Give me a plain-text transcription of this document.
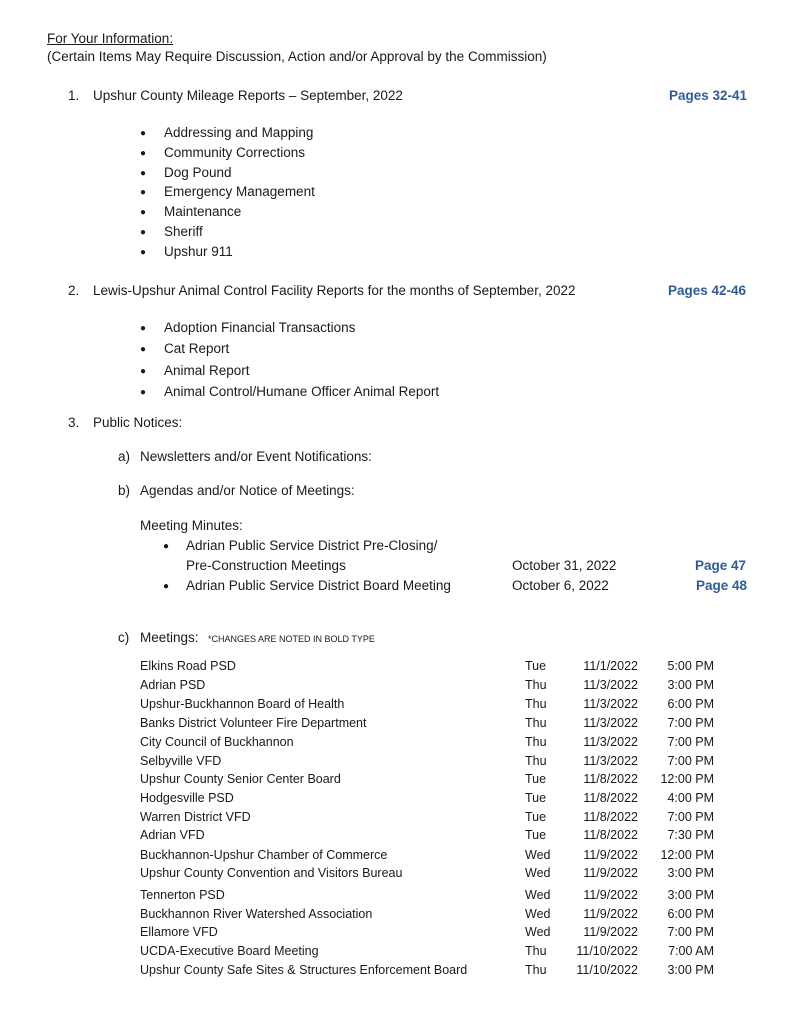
For Your Information:
(Certain Items May Require Discussion, Action and/or Approval by the Commission)
1. Upshur County Mileage Reports – September, 2022	Pages 32-41
● Addressing and Mapping
● Community Corrections
● Dog Pound
● Emergency Management
● Maintenance
● Sheriff
● Upshur 911
2. Lewis-Upshur Animal Control Facility Reports for the months of September, 2022	Pages 42-46
● Adoption Financial Transactions
● Cat Report
● Animal Report
● Animal Control/Humane Officer Animal Report
3. Public Notices:
a) Newsletters and/or Event Notifications:
b) Agendas and/or Notice of Meetings:
Meeting Minutes:
● Adrian Public Service District Pre-Closing/
Pre-Construction Meetings	October 31, 2022	Page 47
● Adrian Public Service District Board Meeting	October 6, 2022	Page 48
c) Meetings: *CHANGES ARE NOTED IN BOLD TYPE
Elkins Road PSD	Tue	11/1/2022 5:00 PM
Adrian PSD	Thu	11/3/2022 3:00 PM
Upshur-Buckhannon Board of Health	Thu	11/3/2022 6:00 PM
Banks District Volunteer Fire Department	Thu	11/3/2022 7:00 PM
City Council of Buckhannon	Thu	11/3/2022 7:00 PM
Selbyville VFD	Thu	11/3/2022 7:00 PM
Upshur County Senior Center Board	Tue	11/8/2022 12:00 PM
Hodgesville PSD	Tue	11/8/2022 4:00 PM
Warren District VFD	Tue	11/8/2022 7:00 PM
Adrian VFD	Tue	11/8/2022 7:30 PM
Buckhannon-Upshur Chamber of Commerce	Wed	11/9/2022 12:00 PM
Upshur County Convention and Visitors Bureau	Wed	11/9/2022 3:00 PM
Tennerton PSD	Wed	11/9/2022 3:00 PM
Buckhannon River Watershed Association	Wed	11/9/2022 6:00 PM
Ellamore VFD	Wed	11/9/2022 7:00 PM
UCDA-Executive Board Meeting	Thu 11/10/2022 7:00 AM
Upshur County Safe Sites & Structures Enforcement Board	Thu 11/10/2022 3:00 PM
